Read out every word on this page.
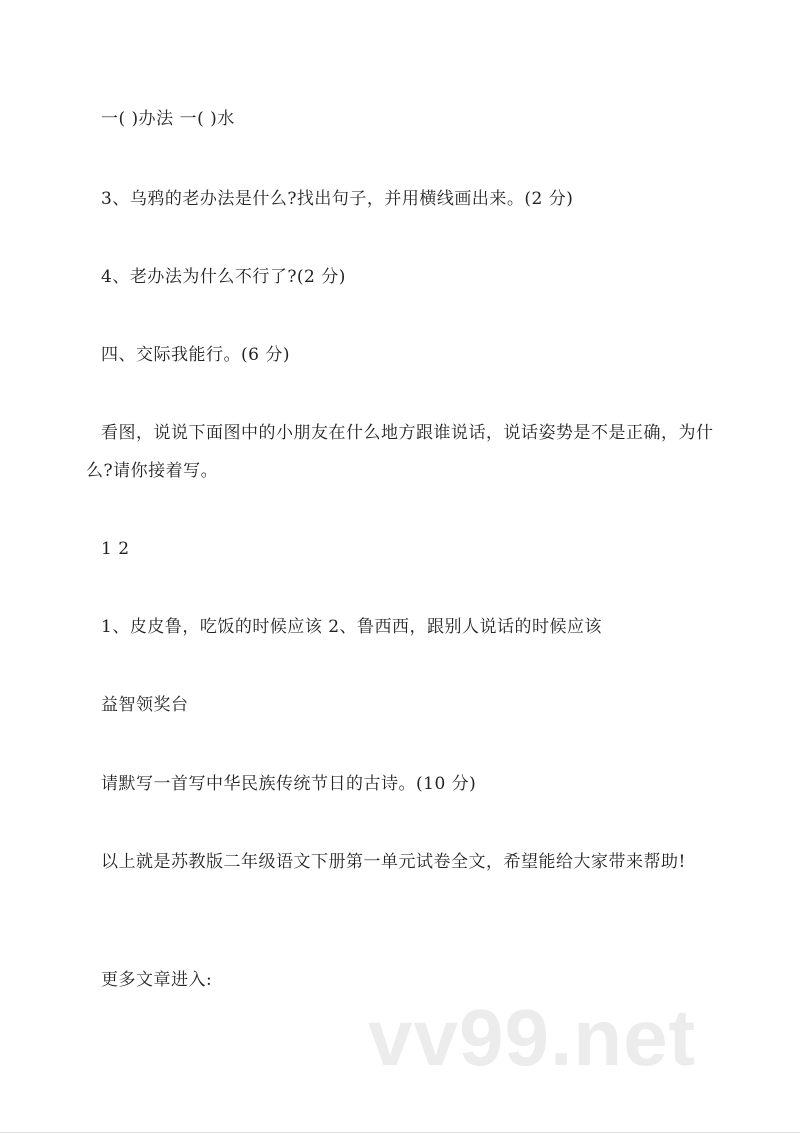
一( )办法 一( )水
3、乌鸦的老办法是什么?找出句子，并用横线画出来。(2 分)
4、老办法为什么不行了?(2 分)
四、交际我能行。(6 分)
看图，说说下面图中的小朋友在什么地方跟谁说话，说话姿势是不是正确，为什么?请你接着写。
1 2
1、皮皮鲁，吃饭的时候应该 2、鲁西西，跟别人说话的时候应该
益智领奖台
请默写一首写中华民族传统节日的古诗。(10 分)
以上就是苏教版二年级语文下册第一单元试卷全文，希望能给大家带来帮助!
更多文章进入:
vv99.net
